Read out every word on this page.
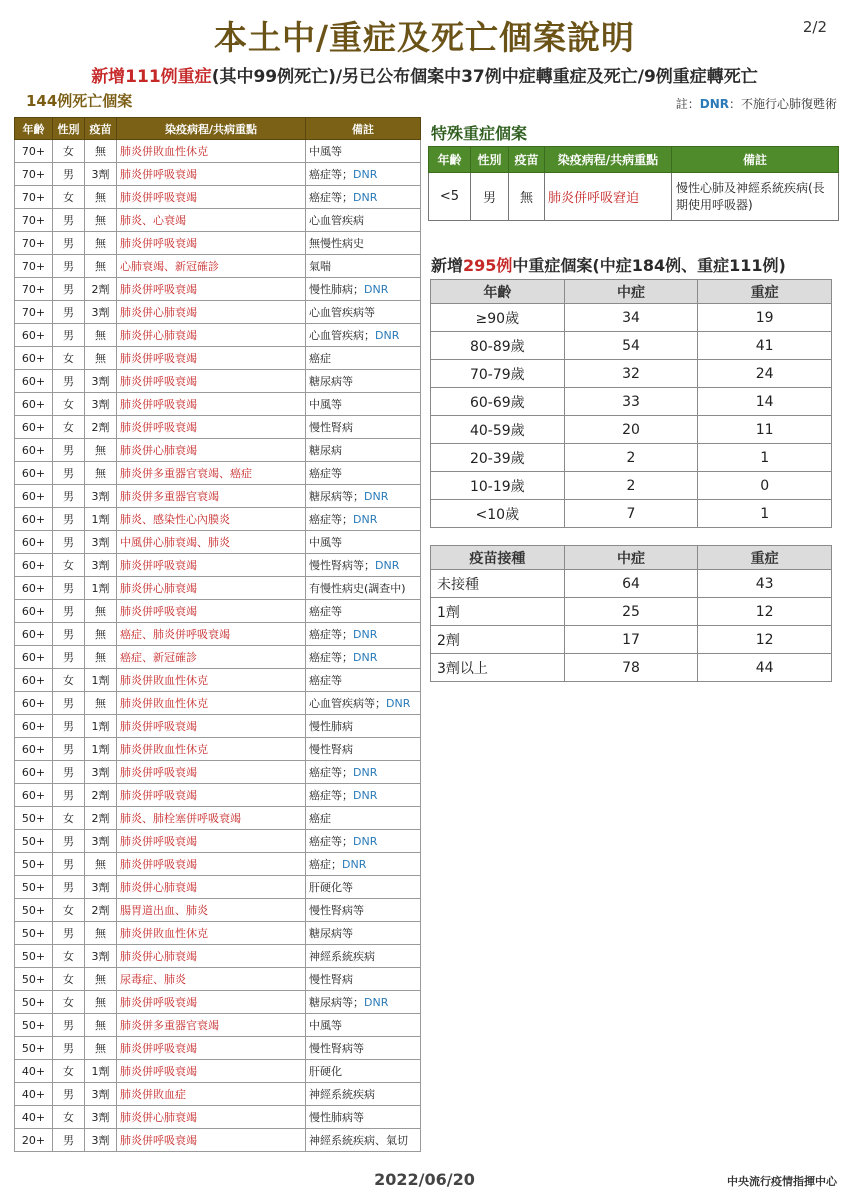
本土中/重症及死亡個案說明	2/2
新增111例重症(其中99例死亡)/另已公布個案中37例中症轉重症及死亡/9例重症轉死亡
144例死亡個案	註：DNR：不施行心肺復甦術
年齡	性別	疫苗	染疫病程/共病重點	備註
70+	女	無	肺炎併敗血性休克	中風等
70+	男	3劑	肺炎併呼吸衰竭	癌症等；DNR
70+	女	無	肺炎併呼吸衰竭	癌症等；DNR
70+	男	無	肺炎、心衰竭	心血管疾病
70+	男	無	肺炎併呼吸衰竭	無慢性病史
70+	男	無	心肺衰竭、新冠確診	氣喘
70+	男	2劑	肺炎併呼吸衰竭	慢性肺病；DNR
70+	男	3劑	肺炎併心肺衰竭	心血管疾病等
60+	男	無	肺炎併心肺衰竭	心血管疾病；DNR
60+	女	無	肺炎併呼吸衰竭	癌症
60+	男	3劑	肺炎併呼吸衰竭	糖尿病等
60+	女	3劑	肺炎併呼吸衰竭	中風等
60+	女	2劑	肺炎併呼吸衰竭	慢性腎病
60+	男	無	肺炎併心肺衰竭	糖尿病
60+	男	無	肺炎併多重器官衰竭、癌症	癌症等
60+	男	3劑	肺炎併多重器官衰竭	糖尿病等；DNR
60+	男	1劑	肺炎、感染性心內膜炎	癌症等；DNR
60+	男	3劑	中風併心肺衰竭、肺炎	中風等
60+	女	3劑	肺炎併呼吸衰竭	慢性腎病等；DNR
60+	男	1劑	肺炎併心肺衰竭	有慢性病史(調查中)
60+	男	無	肺炎併呼吸衰竭	癌症等
60+	男	無	癌症、肺炎併呼吸衰竭	癌症等；DNR
60+	男	無	癌症、新冠確診	癌症等；DNR
60+	女	1劑	肺炎併敗血性休克	癌症等
60+	男	無	肺炎併敗血性休克	心血管疾病等；DNR
60+	男	1劑	肺炎併呼吸衰竭	慢性肺病
60+	男	1劑	肺炎併敗血性休克	慢性腎病
60+	男	3劑	肺炎併呼吸衰竭	癌症等；DNR
60+	男	2劑	肺炎併呼吸衰竭	癌症等；DNR
50+	女	2劑	肺炎、肺栓塞併呼吸衰竭	癌症
50+	男	3劑	肺炎併呼吸衰竭	癌症等；DNR
50+	男	無	肺炎併呼吸衰竭	癌症；DNR
50+	男	3劑	肺炎併心肺衰竭	肝硬化等
50+	女	2劑	腸胃道出血、肺炎	慢性腎病等
50+	男	無	肺炎併敗血性休克	糖尿病等
50+	女	3劑	肺炎併心肺衰竭	神經系統疾病
50+	女	無	尿毒症、肺炎	慢性腎病
50+	女	無	肺炎併呼吸衰竭	糖尿病等；DNR
50+	男	無	肺炎併多重器官衰竭	中風等
50+	男	無	肺炎併呼吸衰竭	慢性腎病等
40+	女	1劑	肺炎併呼吸衰竭	肝硬化
40+	男	3劑	肺炎併敗血症	神經系統疾病
40+	女	3劑	肺炎併心肺衰竭	慢性肺病等
20+	男	3劑	肺炎併呼吸衰竭	神經系統疾病、氣切
特殊重症個案
年齡	性別	疫苗	染疫病程/共病重點	備註
<5	男	無	肺炎併呼吸窘迫	慢性心肺及神經系統疾病(長期使用呼吸器)
新增295例中重症個案(中症184例、重症111例)
年齡	中症	重症
≥90歲	34	19
80-89歲	54	41
70-79歲	32	24
60-69歲	33	14
40-59歲	20	11
20-39歲	2	1
10-19歲	2	0
<10歲	7	1
疫苗接種	中症	重症
未接種	64	43
1劑	25	12
2劑	17	12
3劑以上	78	44
2022/06/20	中央流行疫情指揮中心
